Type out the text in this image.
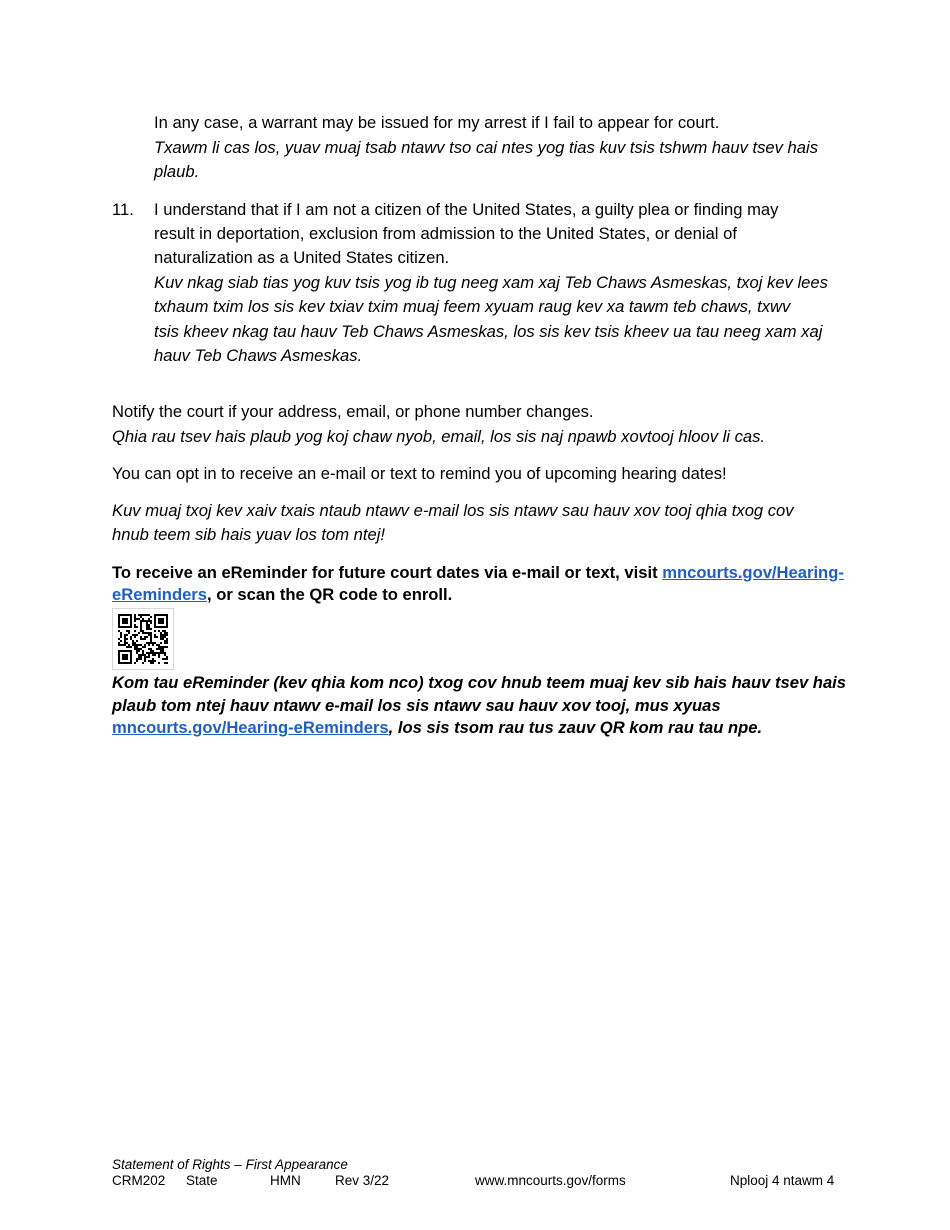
In any case, a warrant may be issued for my arrest if I fail to appear for court.
Txawm li cas los, yuav muaj tsab ntawv tso cai ntes yog tias kuv tsis tshwm hauv tsev hais
plaub.
11. I understand that if I am not a citizen of the United States, a guilty plea or finding may
result in deportation, exclusion from admission to the United States, or denial of
naturalization as a United States citizen.
Kuv nkag siab tias yog kuv tsis yog ib tug neeg xam xaj Teb Chaws Asmeskas, txoj kev lees
txhaum txim los sis kev txiav txim muaj feem xyuam raug kev xa tawm teb chaws, txwv
tsis kheev nkag tau hauv Teb Chaws Asmeskas, los sis kev tsis kheev ua tau neeg xam xaj
hauv Teb Chaws Asmeskas.
Notify the court if your address, email, or phone number changes.
Qhia rau tsev hais plaub yog koj chaw nyob, email, los sis naj npawb xovtooj hloov li cas.
You can opt in to receive an e-mail or text to remind you of upcoming hearing dates!
Kuv muaj txoj kev xaiv txais ntaub ntawv e-mail los sis ntawv sau hauv xov tooj qhia txog cov
hnub teem sib hais yuav los tom ntej!
To receive an eReminder for future court dates via e-mail or text, visit mncourts.gov/Hearing-
eReminders, or scan the QR code to enroll.
Kom tau eReminder (kev qhia kom nco) txog cov hnub teem muaj kev sib hais hauv tsev hais
plaub tom ntej hauv ntawv e-mail los sis ntawv sau hauv xov tooj, mus xyuas
mncourts.gov/Hearing-eReminders, los sis tsom rau tus zauv QR kom rau tau npe.
Statement of Rights – First Appearance
CRM202 State	HMN	Rev 3/22	www.mncourts.gov/forms	Nplooj 4 ntawm 4
